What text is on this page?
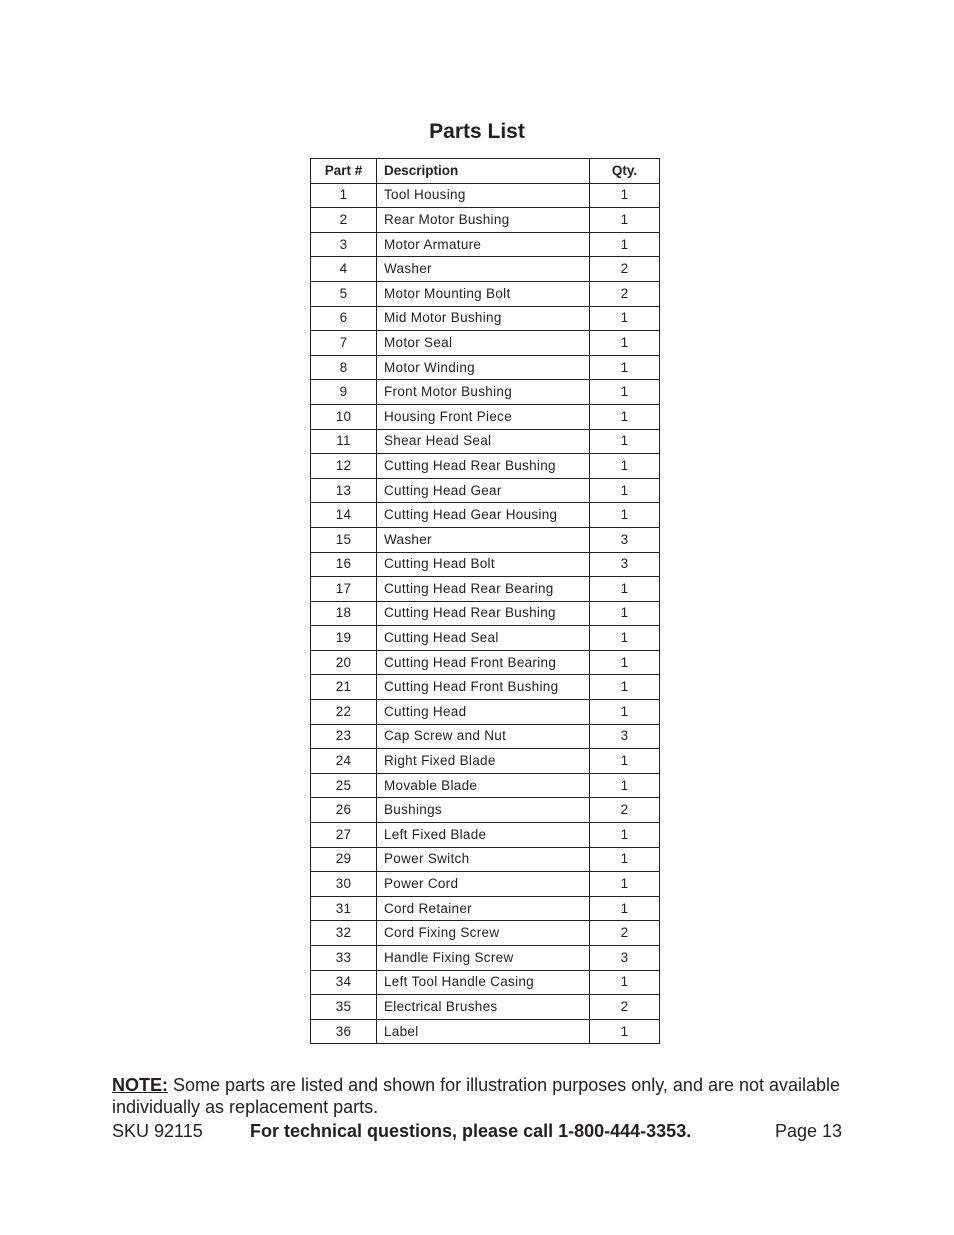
Parts List
Part #	Description	Qty.
1	Tool Housing	1
2	Rear Motor Bushing	1
3	Motor Armature	1
4	Washer	2
5	Motor Mounting Bolt	2
6	Mid Motor Bushing	1
7	Motor Seal	1
8	Motor Winding	1
9	Front Motor Bushing	1
10	Housing Front Piece	1
11	Shear Head Seal	1
12	Cutting Head Rear Bushing	1
13	Cutting Head Gear	1
14	Cutting Head Gear Housing	1
15	Washer	3
16	Cutting Head Bolt	3
17	Cutting Head Rear Bearing	1
18	Cutting Head Rear Bushing	1
19	Cutting Head Seal	1
20	Cutting Head Front Bearing	1
21	Cutting Head Front Bushing	1
22	Cutting Head	1
23	Cap Screw and Nut	3
24	Right Fixed Blade	1
25	Movable Blade	1
26	Bushings	2
27	Left Fixed Blade	1
29	Power Switch	1
30	Power Cord	1
31	Cord Retainer	1
32	Cord Fixing Screw	2
33	Handle Fixing Screw	3
34	Left Tool Handle Casing	1
35	Electrical Brushes	2
36	Label	1
NOTE: Some parts are listed and shown for illustration purposes only, and are not available individually as replacement parts.
SKU 92115	For technical questions, please call 1-800-444-3353.	Page 13
